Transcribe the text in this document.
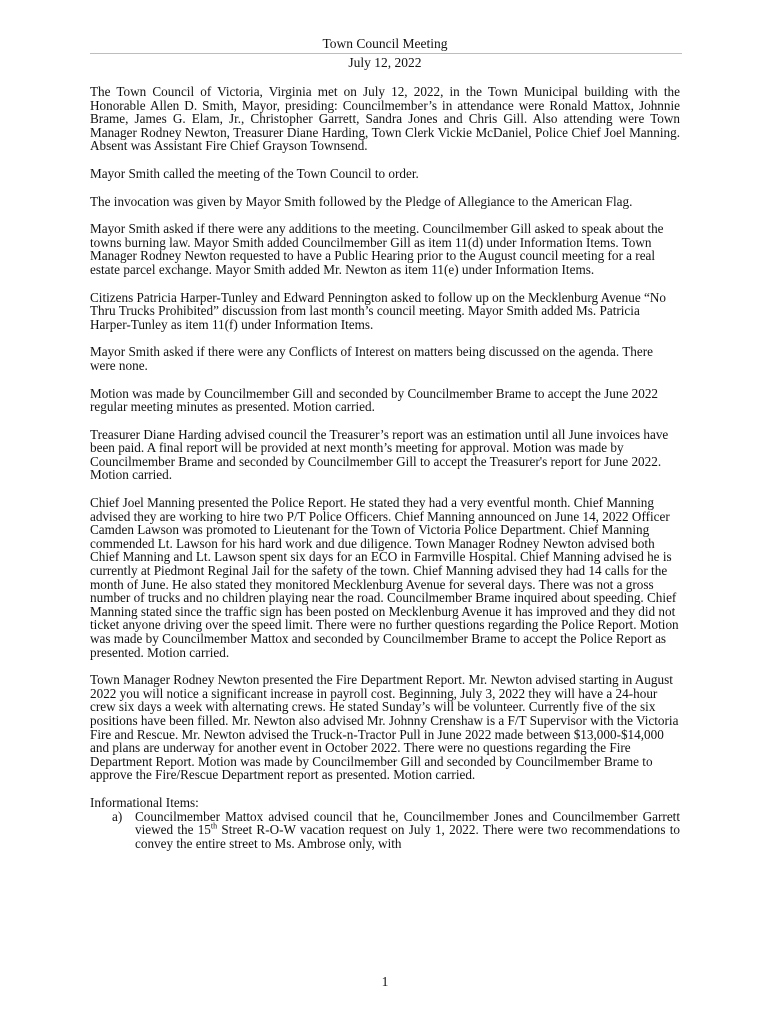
Town Council Meeting
July 12, 2022

The Town Council of Victoria, Virginia met on July 12, 2022, in the Town Municipal building with the Honorable Allen D. Smith, Mayor, presiding: Councilmember’s in attendance were Ronald Mattox, Johnnie Brame, James G. Elam, Jr., Christopher Garrett, Sandra Jones and Chris Gill. Also attending were Town Manager Rodney Newton, Treasurer Diane Harding, Town Clerk Vickie McDaniel, Police Chief Joel Manning. Absent was Assistant Fire Chief Grayson Townsend.

Mayor Smith called the meeting of the Town Council to order.

The invocation was given by Mayor Smith followed by the Pledge of Allegiance to the American Flag.

Mayor Smith asked if there were any additions to the meeting. Councilmember Gill asked to speak about the towns burning law. Mayor Smith added Councilmember Gill as item 11(d) under Information Items. Town Manager Rodney Newton requested to have a Public Hearing prior to the August council meeting for a real estate parcel exchange. Mayor Smith added Mr. Newton as item 11(e) under Information Items.

Citizens Patricia Harper-Tunley and Edward Pennington asked to follow up on the Mecklenburg Avenue “No Thru Trucks Prohibited” discussion from last month’s council meeting. Mayor Smith added Ms. Patricia Harper-Tunley as item 11(f) under Information Items.

Mayor Smith asked if there were any Conflicts of Interest on matters being discussed on the agenda. There were none.

Motion was made by Councilmember Gill and seconded by Councilmember Brame to accept the June 2022 regular meeting minutes as presented. Motion carried.

Treasurer Diane Harding advised council the Treasurer’s report was an estimation until all June invoices have been paid. A final report will be provided at next month’s meeting for approval. Motion was made by Councilmember Brame and seconded by Councilmember Gill to accept the Treasurer's report for June 2022. Motion carried.

Chief Joel Manning presented the Police Report. He stated they had a very eventful month. Chief Manning advised they are working to hire two P/T Police Officers. Chief Manning announced on June 14, 2022 Officer Camden Lawson was promoted to Lieutenant for the Town of Victoria Police Department. Chief Manning commended Lt. Lawson for his hard work and due diligence. Town Manager Rodney Newton advised both Chief Manning and Lt. Lawson spent six days for an ECO in Farmville Hospital. Chief Manning advised he is currently at Piedmont Reginal Jail for the safety of the town. Chief Manning advised they had 14 calls for the month of June. He also stated they monitored Mecklenburg Avenue for several days. There was not a gross number of trucks and no children playing near the road. Councilmember Brame inquired about speeding. Chief Manning stated since the traffic sign has been posted on Mecklenburg Avenue it has improved and they did not ticket anyone driving over the speed limit. There were no further questions regarding the Police Report. Motion was made by Councilmember Mattox and seconded by Councilmember Brame to accept the Police Report as presented. Motion carried.

Town Manager Rodney Newton presented the Fire Department Report. Mr. Newton advised starting in August 2022 you will notice a significant increase in payroll cost. Beginning, July 3, 2022 they will have a 24-hour crew six days a week with alternating crews. He stated Sunday’s will be volunteer. Currently five of the six positions have been filled. Mr. Newton also advised Mr. Johnny Crenshaw is a F/T Supervisor with the Victoria Fire and Rescue. Mr. Newton advised the Truck-n-Tractor Pull in June 2022 made between $13,000-$14,000 and plans are underway for another event in October 2022. There were no questions regarding the Fire Department Report. Motion was made by Councilmember Gill and seconded by Councilmember Brame to approve the Fire/Rescue Department report as presented. Motion carried.

Informational Items:
a) Councilmember Mattox advised council that he, Councilmember Jones and Councilmember Garrett viewed the 15th Street R-O-W vacation request on July 1, 2022. There were two recommendations to convey the entire street to Ms. Ambrose only, with
1
